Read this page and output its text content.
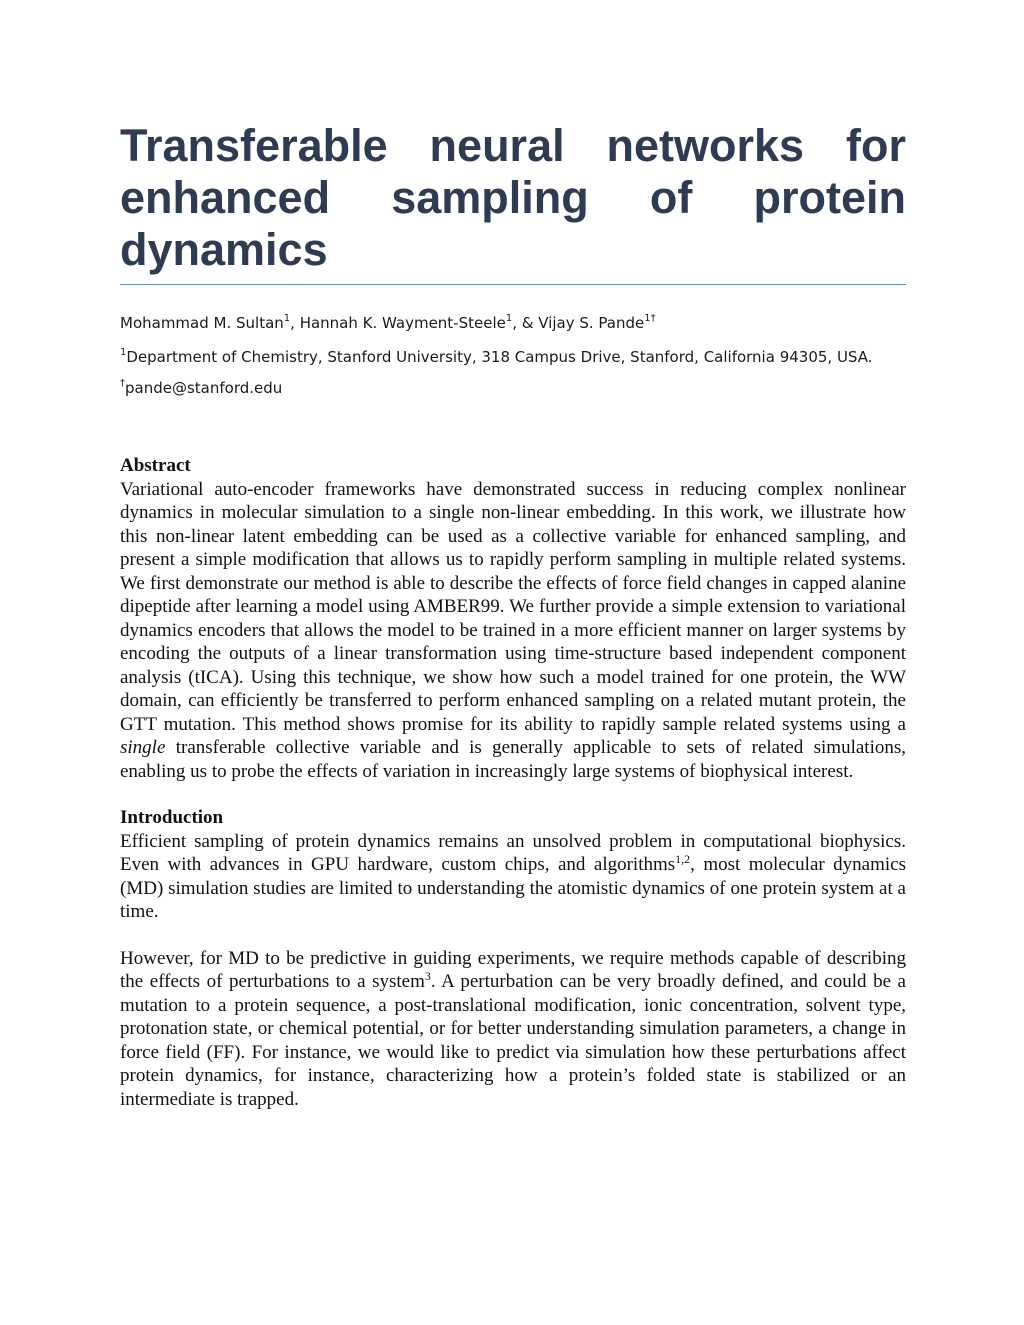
Transferable neural networks for
enhanced sampling of protein dynamics
Mohammad M. Sultan$^1$, Hannah K. Wayment-Steele$^1$, & Vijay S. Pande$^{1\dagger}$
$^1$Department of Chemistry, Stanford University, 318 Campus Drive, Stanford, California 94305, USA.
†pande@stanford.edu
Abstract

Variational auto-encoder frameworks have demonstrated success in reducing complex nonlinear dynamics in molecular simulation to a single non-linear embedding. In this work, we illustrate how this non-linear latent embedding can be used as a collective variable for enhanced sampling, and present a simple modification that allows us to rapidly perform sampling in multiple related systems. We first demonstrate our method is able to describe the effects of force field changes in capped alanine dipeptide after learning a model using AMBER99. We further provide a simple extension to variational dynamics encoders that allows the model to be trained in a more efficient manner on larger systems by encoding the outputs of a linear transformation using time-structure based independent component analysis (tICA). Using this technique, we show how such a model trained for one protein, the WW domain, can efficiently be transferred to perform enhanced sampling on a related mutant protein, the GTT mutation. This method shows promise for its ability to rapidly sample related systems using a single transferable collective variable and is generally applicable to sets of related simulations, enabling us to probe the effects of variation in increasingly large systems of biophysical interest.

Introduction

Efficient sampling of protein dynamics remains an unsolved problem in computational biophysics. Even with advances in GPU hardware, custom chips, and algorithms$^{1,2}$, most molecular dynamics (MD) simulation studies are limited to understanding the atomistic dynamics of one protein system at a time.

However, for MD to be predictive in guiding experiments, we require methods capable of describing the effects of perturbations to a system$^3$. A perturbation can be very broadly defined, and could be a mutation to a protein sequence, a post-translational modification, ionic concentration, solvent type, protonation state, or chemical potential, or for better understanding simulation parameters, a change in force field (FF). For instance, we would like to predict via simulation how these perturbations affect protein dynamics, for instance, characterizing how a protein’s folded state is stabilized or an intermediate is trapped.
